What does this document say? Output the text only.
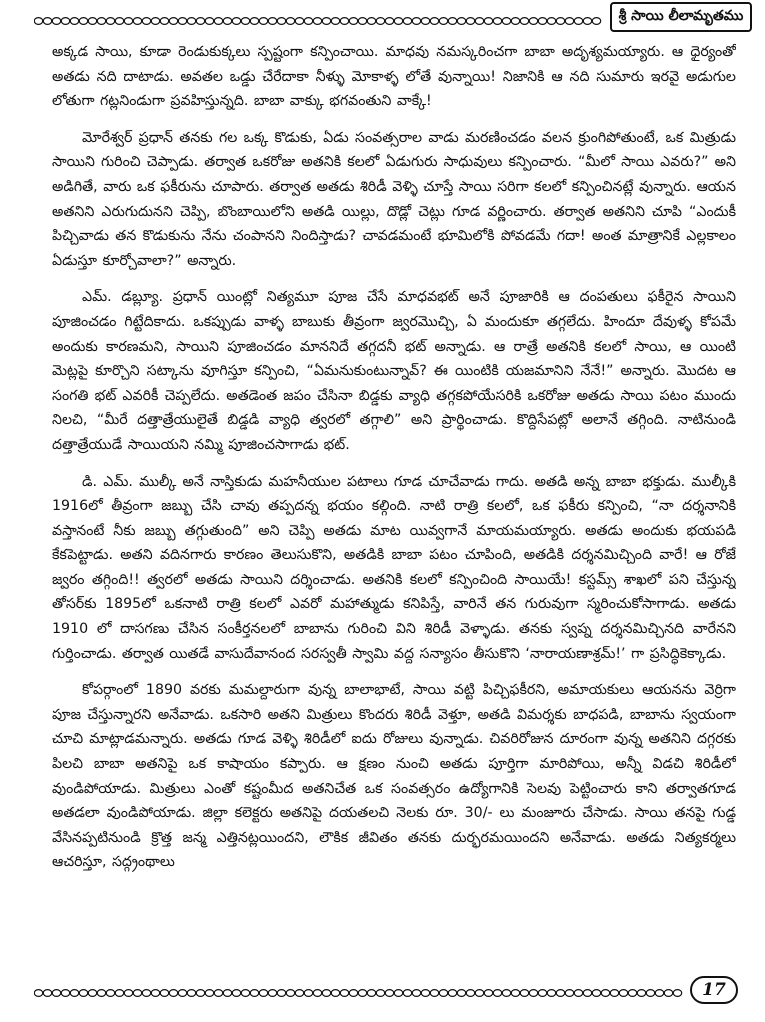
శ్రీ సాయి లీలామృతము

అక్కడ సాయి, కూడా రెండుకుక్కలు స్పష్టంగా కన్పించాయి. మాధవు నమస్కరించగా బాబా అదృశ్యమయ్యారు. ఆ ధైర్యంతో అతడు నది దాటాడు. అవతల ఒడ్డు చేరేదాకా నీళ్ళు మోకాళ్ళ లోతే వున్నాయి! నిజానికి ఆ నది సుమారు ఇరవై అడుగుల లోతుగా గట్లనిండుగా ప్రవహిస్తున్నది. బాబా వాక్కు భగవంతుని వాక్కే!

మోరేశ్వర్ ప్రధాన్ తనకు గల ఒక్క కొడుకు, ఏడు సంవత్సరాల వాడు మరణించడం వలన క్రుంగిపోతుంటే, ఒక మిత్రుడు సాయిని గురించి చెప్పాడు. తర్వాత ఒకరోజు అతనికి కలలో ఏడుగురు సాధువులు కన్పించారు. “మీలో సాయి ఎవరు?” అని అడిగితే, వారు ఒక ఫకీరును చూపారు. తర్వాత అతడు శిరిడీ వెళ్ళి చూస్తే సాయి సరిగా కలలో కన్పించినట్లే వున్నారు. ఆయన అతనిని ఎరుగుదునని చెప్పి, బొంబాయిలోని అతడి యిల్లు, దొడ్లో చెట్లు గూడ వర్ణించారు. తర్వాత అతనిని చూపి “ఎందుకీ పిచ్చివాడు తన కొడుకును నేను చంపానని నిందిస్తాడు? చావడమంటే భూమిలోకి పోవడమే గదా! అంత మాత్రానికే ఎల్లకాలం ఏడుస్తూ కూర్చోవాలా?” అన్నారు.

ఎమ్. డబ్ల్యూ. ప్రధాన్ యింట్లో నిత్యమూ పూజ చేసే మాధవభట్ అనే పూజారికి ఆ దంపతులు ఫకీరైన సాయిని పూజించడం గిట్టేదికాదు. ఒకప్పుడు వాళ్ళ బాబుకు తీవ్రంగా జ్వరమొచ్చి, ఏ మందుకూ తగ్గలేదు. హిందూ దేవుళ్ళ కోపమే అందుకు కారణమని, సాయిని పూజించడం మాననిదే తగ్గదనీ భట్ అన్నాడు. ఆ రాత్రే అతనికి కలలో సాయి, ఆ యింటి మెట్లపై కూర్చొని సట్కాను వూగిస్తూ కన్పించి, “ఏమనుకుంటున్నావ్? ఈ యింటికి యజమానిని నేనే!” అన్నారు. మొదట ఆ సంగతి భట్ ఎవరికీ చెప్పలేదు. అతడెంత జపం చేసినా బిడ్డకు వ్యాధి తగ్గకపోయేసరికి ఒకరోజు అతడు సాయి పటం ముందు నిలచి, “మీరే దత్తాత్రేయులైతే బిడ్డడి వ్యాధి త్వరలో తగ్గాలి” అని ప్రార్థించాడు. కొద్దిసేపట్లో అలానే తగ్గింది. నాటినుండి దత్తాత్రేయుడే సాయియని నమ్మి పూజించసాగాడు భట్.

డి. ఎమ్. ముల్కీ అనే నాస్తికుడు మహనీయుల పటాలు గూడ చూచేవాడు గాదు. అతడి అన్న బాబా భక్తుడు. ముల్కీకి 1916లో తీవ్రంగా జబ్బు చేసి చావు తప్పదన్న భయం కల్గింది. నాటి రాత్రి కలలో, ఒక ఫకీరు కన్పించి, “నా దర్శనానికి వస్తానంటే నీకు జబ్బు తగ్గుతుంది” అని చెప్పి అతడు మాట యివ్వగానే మాయమయ్యారు. అతడు అందుకు భయపడి కేకపెట్టాడు. అతని వదినగారు కారణం తెలుసుకొని, అతడికి బాబా పటం చూపింది, అతడికి దర్శనమిచ్చింది వారే! ఆ రోజే జ్వరం తగ్గింది!! త్వరలో అతడు సాయిని దర్శించాడు. అతనికి కలలో కన్పించింది సాయియే! కస్టమ్స్ శాఖలో పని చేస్తున్న తోసర్‌కు 1895లో ఒకనాటి రాత్రి కలలో ఎవరో మహాత్ముడు కనిపిస్తే, వారినే తన గురువుగా స్మరించుకోసాగాడు. అతడు 1910 లో దాసగణు చేసిన సంకీర్తనలలో బాబాను గురించి విని శిరిడీ వెళ్ళాడు. తనకు స్వప్న దర్శనమిచ్చినది వారేనని గుర్తించాడు. తర్వాత యితడే వాసుదేవానంద సరస్వతీ స్వామి వద్ద సన్యాసం తీసుకొని ‘నారాయణాశ్రమ్!’ గా ప్రసిద్ధికెక్కాడు.

కోపర్గాంలో 1890 వరకు మమల్దారుగా వున్న బాలాభాటే, సాయి వట్టి పిచ్చిఫకీరని, అమాయకులు ఆయనను వెర్రిగా పూజ చేస్తున్నారని అనేవాడు. ఒకసారి అతని మిత్రులు కొందరు శిరిడీ వెళ్తూ, అతడి విమర్శకు బాధపడి, బాబాను స్వయంగా చూచి మాట్లాడమన్నారు. అతడు గూడ వెళ్ళి శిరిడీలో ఐదు రోజులు వున్నాడు. చివరిరోజున దూరంగా వున్న అతనిని దగ్గరకు పిలచి బాబా అతనిపై ఒక కాషాయం కప్పారు. ఆ క్షణం నుంచి అతడు పూర్తిగా మారిపోయి, అన్నీ విడచి శిరిడీలో వుండిపోయాడు. మిత్రులు ఎంతో కష్టంమీద అతనిచేత ఒక సంవత్సరం ఉద్యోగానికి సెలవు పెట్టించారు కాని తర్వాతగూడ అతడలా వుండిపోయాడు. జిల్లా కలెక్టరు అతనిపై దయతలచి నెలకు రూ. 30/- లు మంజూరు చేసాడు. సాయి తనపై గుడ్డ వేసినప్పటినుండి క్రొత్త జన్మ ఎత్తినట్లయిందని, లౌకిక జీవితం తనకు దుర్భరమయిందని అనేవాడు. అతడు నిత్యకర్మలు ఆచరిస్తూ, సద్గ్రంథాలు

17
